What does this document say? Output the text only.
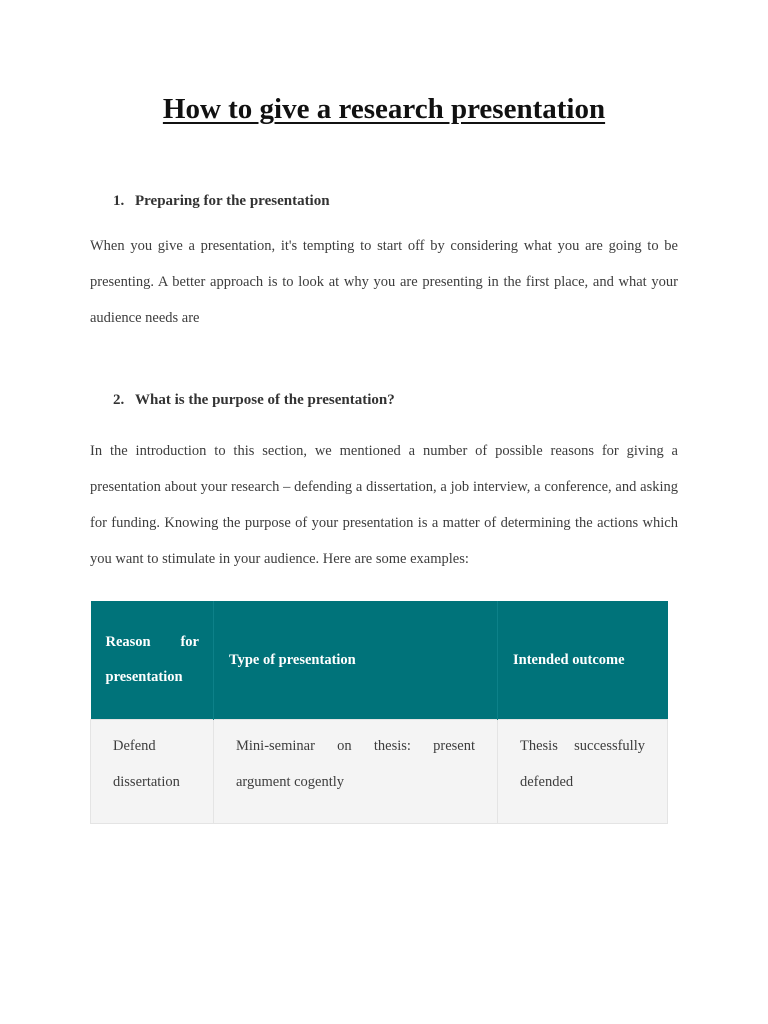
How to give a research presentation
1. Preparing for the presentation

When you give a presentation, it's tempting to start off by considering what you are going to be presenting. A better approach is to look at why you are presenting in the first place, and what your audience needs are

2. What is the purpose of the presentation?

In the introduction to this section, we mentioned a number of possible reasons for giving a presentation about your research – defending a dissertation, a job interview, a conference, and asking for funding. Knowing the purpose of your presentation is a matter of determining the actions which you want to stimulate in your audience. Here are some examples:

Reason for presentation	Type of presentation	Intended outcome
Defend dissertation	Mini-seminar on thesis: present argument cogently	Thesis successfully defended
